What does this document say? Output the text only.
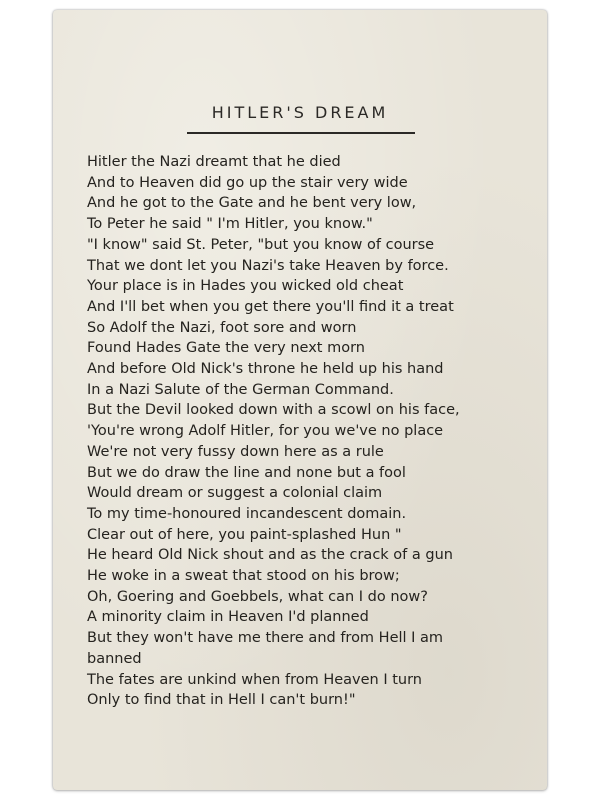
HITLER'S DREAM
Hitler the Nazi dreamt that he died
And to Heaven did go up the stair very wide
And he got to the Gate and he bent very low,
To Peter he said " I'm Hitler, you know."
"I know" said St. Peter, "but you know of course
That we dont let you Nazi's take Heaven by force.
Your place is in Hades you wicked old cheat
And I'll bet when you get there you'll find it a treat
So Adolf the Nazi, foot sore and worn
Found Hades Gate the very next morn
And before Old Nick's throne he held up his hand
In a Nazi Salute of the German Command.
But the Devil looked down with a scowl on his face,
'You're wrong Adolf Hitler, for you we've no place
We're not very fussy down here as a rule
But we do draw the line and none but a fool
Would dream or suggest a colonial claim
To my time-honoured incandescent domain.
Clear out of here, you paint-splashed Hun "
He heard Old Nick shout and as the crack of a gun
He woke in a sweat that stood on his brow;
Oh, Goering and Goebbels, what can I do now?
A minority claim in Heaven I'd planned
But they won't have me there and from Hell I am
banned
The fates are unkind when from Heaven I turn
Only to find that in Hell I can't burn!"
